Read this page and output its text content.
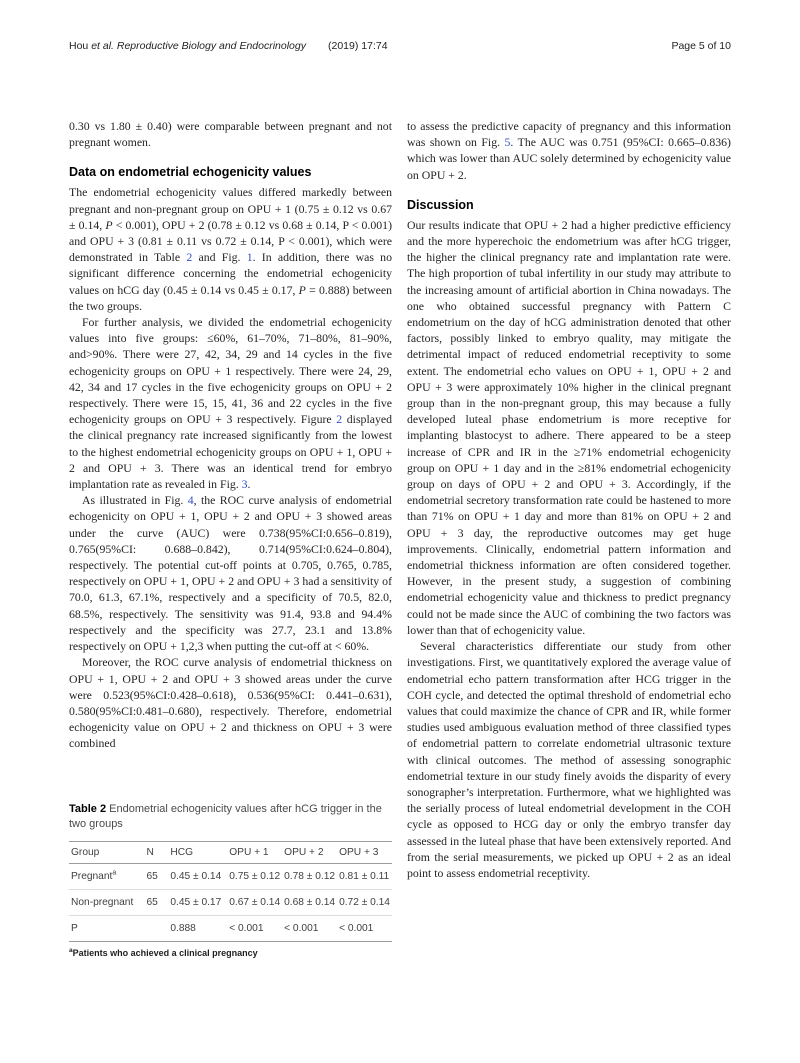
Hou et al. Reproductive Biology and Endocrinology (2019) 17:74	Page 5 of 10

0.30 vs 1.80 ± 0.40) were comparable between pregnant and not pregnant women.

Data on endometrial echogenicity values

The endometrial echogenicity values differed markedly between pregnant and non-pregnant group on OPU + 1 (0.75 ± 0.12 vs 0.67 ± 0.14, P < 0.001), OPU + 2 (0.78 ± 0.12 vs 0.68 ± 0.14, P < 0.001) and OPU + 3 (0.81 ± 0.11 vs 0.72 ± 0.14, P < 0.001), which were demonstrated in Table 2 and Fig. 1. In addition, there was no significant difference concerning the endometrial echogenicity values on hCG day (0.45 ± 0.14 vs 0.45 ± 0.17, P = 0.888) between the two groups.

For further analysis, we divided the endometrial echogenicity values into five groups: ≤60%, 61–70%, 71–80%, 81–90%, and>90%. There were 27, 42, 34, 29 and 14 cycles in the five echogenicity groups on OPU + 1 respectively. There were 24, 29, 42, 34 and 17 cycles in the five echogenicity groups on OPU + 2 respectively. There were 15, 15, 41, 36 and 22 cycles in the five echogenicity groups on OPU + 3 respectively. Figure 2 displayed the clinical pregnancy rate increased significantly from the lowest to the highest endometrial echogenicity groups on OPU + 1, OPU + 2 and OPU + 3. There was an identical trend for embryo implantation rate as revealed in Fig. 3.

As illustrated in Fig. 4, the ROC curve analysis of endometrial echogenicity on OPU + 1, OPU + 2 and OPU + 3 showed areas under the curve (AUC) were 0.738(95%CI:0.656–0.819), 0.765(95%CI: 0.688–0.842), 0.714(95%CI:0.624–0.804), respectively. The potential cut-off points at 0.705, 0.765, 0.785, respectively on OPU + 1, OPU + 2 and OPU + 3 had a sensitivity of 70.0, 61.3, 67.1%, respectively and a specificity of 70.5, 82.0, 68.5%, respectively. The sensitivity was 91.4, 93.8 and 94.4% respectively and the specificity was 27.7, 23.1 and 13.8% respectively on OPU + 1,2,3 when putting the cut-off at < 60%.

Moreover, the ROC curve analysis of endometrial thickness on OPU + 1, OPU + 2 and OPU + 3 showed areas under the curve were 0.523(95%CI:0.428–0.618), 0.536(95%CI: 0.441–0.631), 0.580(95%CI:0.481–0.680), respectively. Therefore, endometrial echogenicity value on OPU + 2 and thickness on OPU + 3 were combined

Table 2 Endometrial echogenicity values after hCG trigger in the two groups

Group	N	HCG	OPU + 1	OPU + 2	OPU + 3
Pregnant$^a$	65	0.45 ± 0.14	0.75 ± 0.12	0.78 ± 0.12	0.81 ± 0.11
Non-pregnant	65	0.45 ± 0.17	0.67 ± 0.14	0.68 ± 0.14	0.72 ± 0.14
P		0.888	< 0.001	< 0.001	< 0.001
$^a$Patients who achieved a clinical pregnancy

to assess the predictive capacity of pregnancy and this information was shown on Fig. 5. The AUC was 0.751 (95%CI: 0.665–0.836) which was lower than AUC solely determined by echogenicity value on OPU + 2.

Discussion

Our results indicate that OPU + 2 had a higher predictive efficiency and the more hyperechoic the endometrium was after hCG trigger, the higher the clinical pregnancy rate and implantation rate were. The high proportion of tubal infertility in our study may attribute to the increasing amount of artificial abortion in China nowadays. The one who obtained successful pregnancy with Pattern C endometrium on the day of hCG administration denoted that other factors, possibly linked to embryo quality, may mitigate the detrimental impact of reduced endometrial receptivity to some extent. The endometrial echo values on OPU + 1, OPU + 2 and OPU + 3 were approximately 10% higher in the clinical pregnant group than in the non-pregnant group, this may because a fully developed luteal phase endometrium is more receptive for implanting blastocyst to adhere. There appeared to be a steep increase of CPR and IR in the ≥71% endometrial echogenicity group on OPU + 1 day and in the ≥81% endometrial echogenicity group on days of OPU + 2 and OPU + 3. Accordingly, if the endometrial secretory transformation rate could be hastened to more than 71% on OPU + 1 day and more than 81% on OPU + 2 and OPU + 3 day, the reproductive outcomes may get huge improvements. Clinically, endometrial pattern information and endometrial thickness information are often considered together. However, in the present study, a suggestion of combining endometrial echogenicity value and thickness to predict pregnancy could not be made since the AUC of combining the two factors was lower than that of echogenicity value.

Several characteristics differentiate our study from other investigations. First, we quantitatively explored the average value of endometrial echo pattern transformation after HCG trigger in the COH cycle, and detected the optimal threshold of endometrial echo values that could maximize the chance of CPR and IR, while former studies used ambiguous evaluation method of three classified types of endometrial pattern to correlate endometrial ultrasonic texture with clinical outcomes. The method of assessing sonographic endometrial texture in our study finely avoids the disparity of every sonographer’s interpretation. Furthermore, what we highlighted was the serially process of luteal endometrial development in the COH cycle as opposed to HCG day or only the embryo transfer day assessed in the luteal phase that have been extensively reported. And from the serial measurements, we picked up OPU + 2 as an ideal point to assess endometrial receptivity.
